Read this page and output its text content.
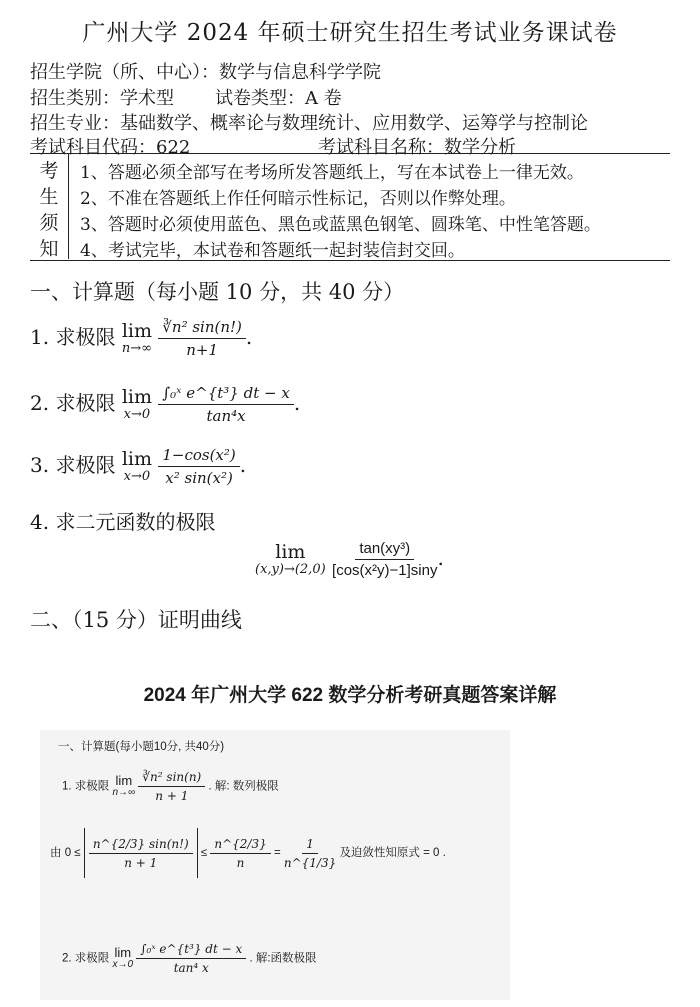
广州大学 2024 年硕士研究生招生考试业务课试卷
招生学院（所、中心）：数学与信息科学学院
招生类别：学术型 试卷类型：A 卷
招生专业：基础数学、概率论与数理统计、应用数学、运筹学与控制论
考试科目代码：622	考试科目名称：数学分析
考
生
须
知
1、答题必须全部写在考场所发答题纸上，写在本试卷上一律无效。
2、不准在答题纸上作任何暗示性标记，否则以作弊处理。
3、答题时必须使用蓝色、黑色或蓝黑色钢笔、圆珠笔、中性笔答题。
4、考试完毕，本试卷和答题纸一起封装信封交回。
一、计算题（每小题 10 分，共 40 分）
1. 求极限 lim
n→∞
$\frac{\text{∛n² sin(n!)}}{n+1}$ .
2. 求极限 lim
x→0
$\frac{\text{∫₀ˣ e\textasciicircum{}\{t³\} dt − x}}{\text{tan⁴x}}$ .
3. 求极限 lim
x→0
$\frac{\text{1−cos(x²)}}{\text{x² sin(x²)}}$ .
4. 求二元函数的极限
lim
(x,y)→(2,0)
$\frac{\text{tan(xy³)}}{\text{[cos(x²y)−1]siny}}$ .
二、（15 分）证明曲线
2024 年广州大学 622 数学分析考研真题答案详解
一、计算题(每小题10分, 共40分)
1. 求极限 lim
n→∞
$\frac{\text{∛n² sin(n)}}{n + 1}$ . 解: 数列极限
由 $0 \le \frac{n\^{}\{2/3\} \sin(n!)}{n + 1} \le \frac{n\^{}\{2/3\}}{n} = \frac{1}{n\^{}\{1/3\}}$ 及迫敛性知原式 = 0 .
2. 求极限 lim
x→0
$\frac{\text{∫₀ˣ e\textasciicircum{}\{t³\} dt − x}}{\text{tan⁴ x}}$ . 解:函数极限
